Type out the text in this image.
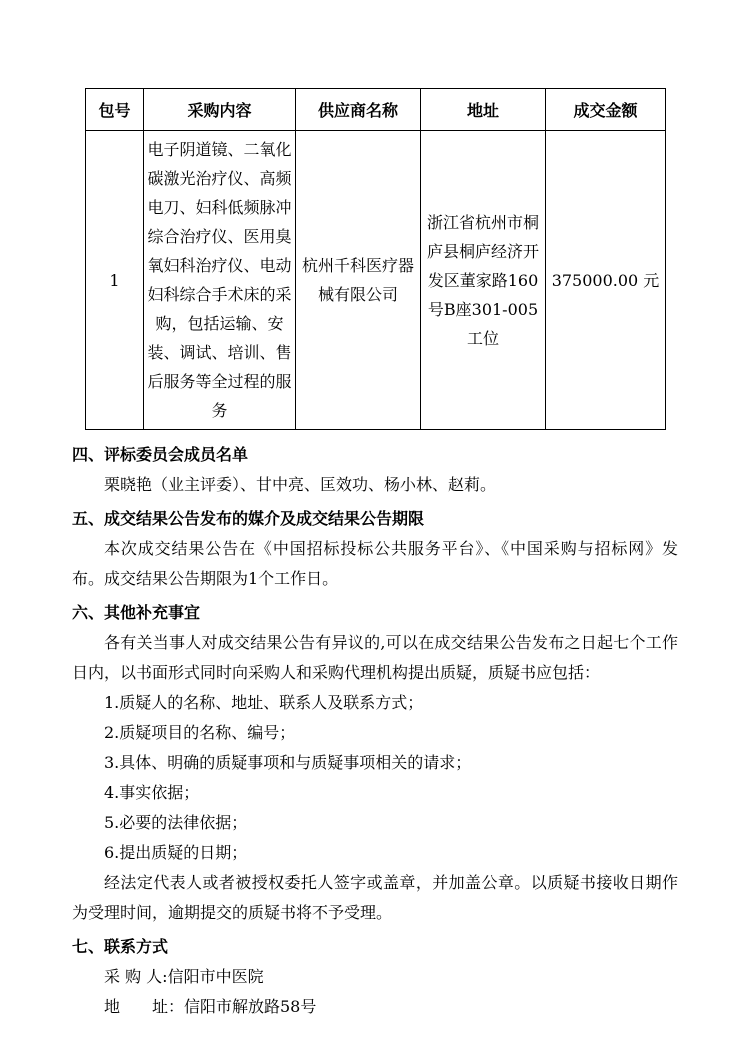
包号	采购内容	供应商名称	地址	成交金额
1	电子阴道镜、二氧化碳激光治疗仪、高频电刀、妇科低频脉冲综合治疗仪、医用臭氧妇科治疗仪、电动妇科综合手术床的采购，包括运输、安装、调试、培训、售后服务等全过程的服务	杭州千科医疗器械有限公司	浙江省杭州市桐庐县桐庐经济开发区董家路160号B座301-005工位	375000.00 元

四、评标委员会成员名单

栗晓艳（业主评委）、甘中亮、匡效功、杨小林、赵莉。

五、成交结果公告发布的媒介及成交结果公告期限

本次成交结果公告在《中国招标投标公共服务平台》、《中国采购与招标网》发布。成交结果公告期限为1个工作日。

六、其他补充事宜

各有关当事人对成交结果公告有异议的,可以在成交结果公告发布之日起七个工作日内，以书面形式同时向采购人和采购代理机构提出质疑，质疑书应包括：

1.质疑人的名称、地址、联系人及联系方式；

2.质疑项目的名称、编号；

3.具体、明确的质疑事项和与质疑事项相关的请求；

4.事实依据；

5.必要的法律依据；

6.提出质疑的日期；

经法定代表人或者被授权委托人签字或盖章，并加盖公章。以质疑书接收日期作为受理时间，逾期提交的质疑书将不予受理。

七、联系方式

采 购 人:信阳市中医院

地　　址：信阳市解放路58号
